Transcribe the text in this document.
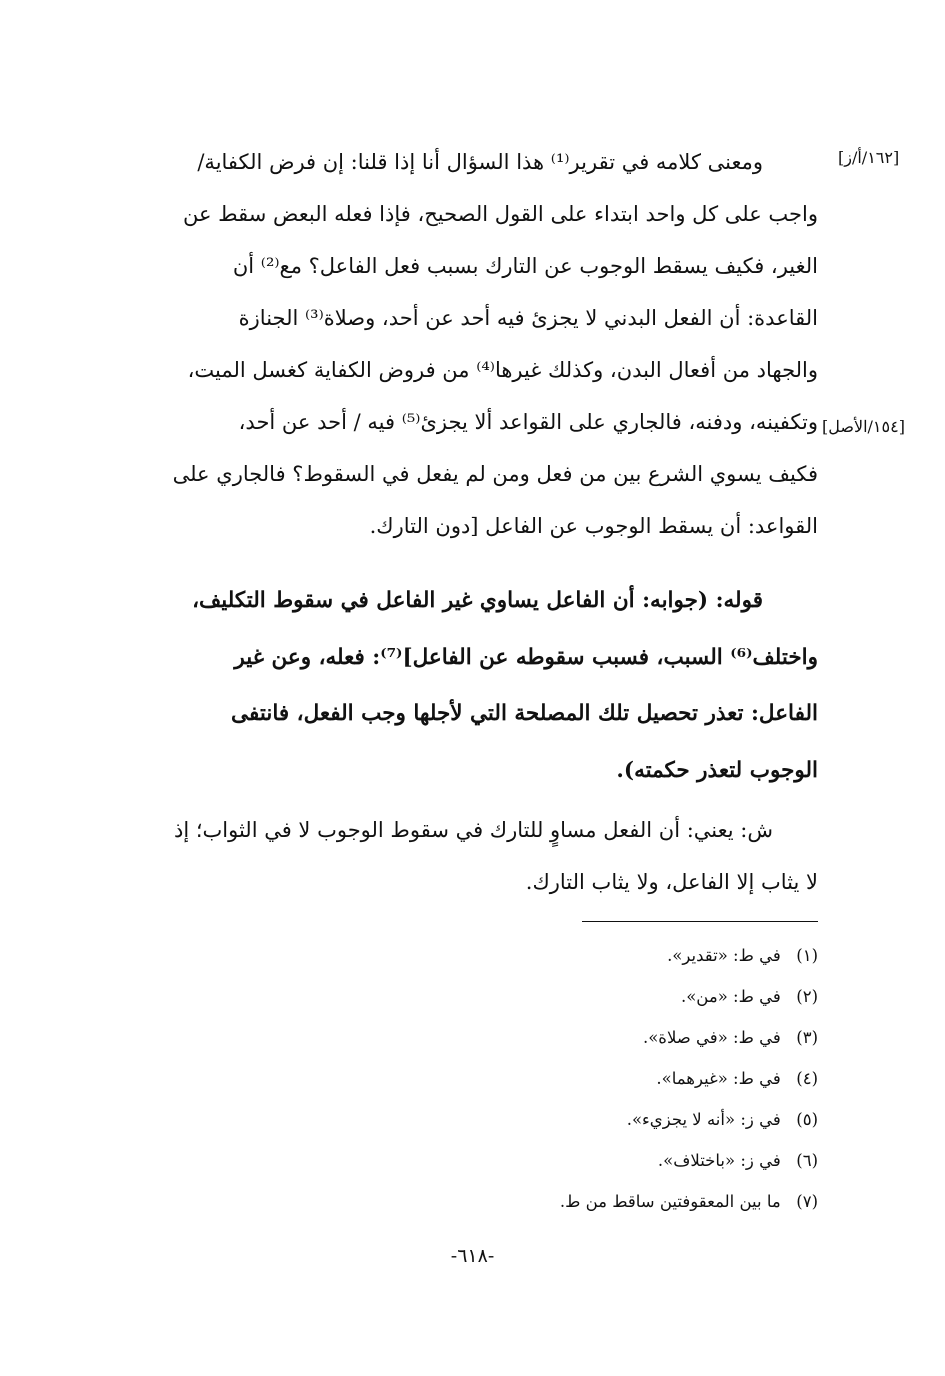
[١٦٢/أ/ز]
[١٥٤/الأصل]
ومعنى كلامه في تقرير⁽¹⁾ هذا السؤال أنا إذا قلنا: إن فرض الكفاية/
واجب على كل واحد ابتداء على القول الصحيح، فإذا فعله البعض سقط عن
الغير، فكيف يسقط الوجوب عن التارك بسبب فعل الفاعل؟ مع⁽²⁾ أن
القاعدة: أن الفعل البدني لا يجزئ فيه أحد عن أحد، وصلاة⁽³⁾ الجنازة
والجهاد من أفعال البدن، وكذلك غيرها⁽⁴⁾ من فروض الكفاية كغسل الميت،
وتكفينه، ودفنه، فالجاري على القواعد ألا يجزئ⁽⁵⁾ فيه / أحد عن أحد،
فكيف يسوي الشرع بين من فعل ومن لم يفعل في السقوط؟ فالجاري على
القواعد: أن يسقط الوجوب عن الفاعل [دون التارك.
قوله: (جوابه: أن الفاعل يساوي غير الفاعل في سقوط التكليف،
واختلف⁽⁶⁾ السبب، فسبب سقوطه عن الفاعل]⁽⁷⁾: فعله، وعن غير
الفاعل: تعذر تحصيل تلك المصلحة التي لأجلها وجب الفعل، فانتفى
الوجوب لتعذر حكمته).
ش: يعني: أن الفعل مساوٍ للتارك في سقوط الوجوب لا في الثواب؛ إذ
لا يثاب إلا الفاعل، ولا يثاب التارك.
(١) في ط: «تقدير».
(٢) في ط: «من».
(٣) في ط: «في صلاة».
(٤) في ط: «غيرهما».
(٥) في ز: «أنه لا يجزيء».
(٦) في ز: «باختلاف».
(٧) ما بين المعقوفتين ساقط من ط.
-٦١٨-
